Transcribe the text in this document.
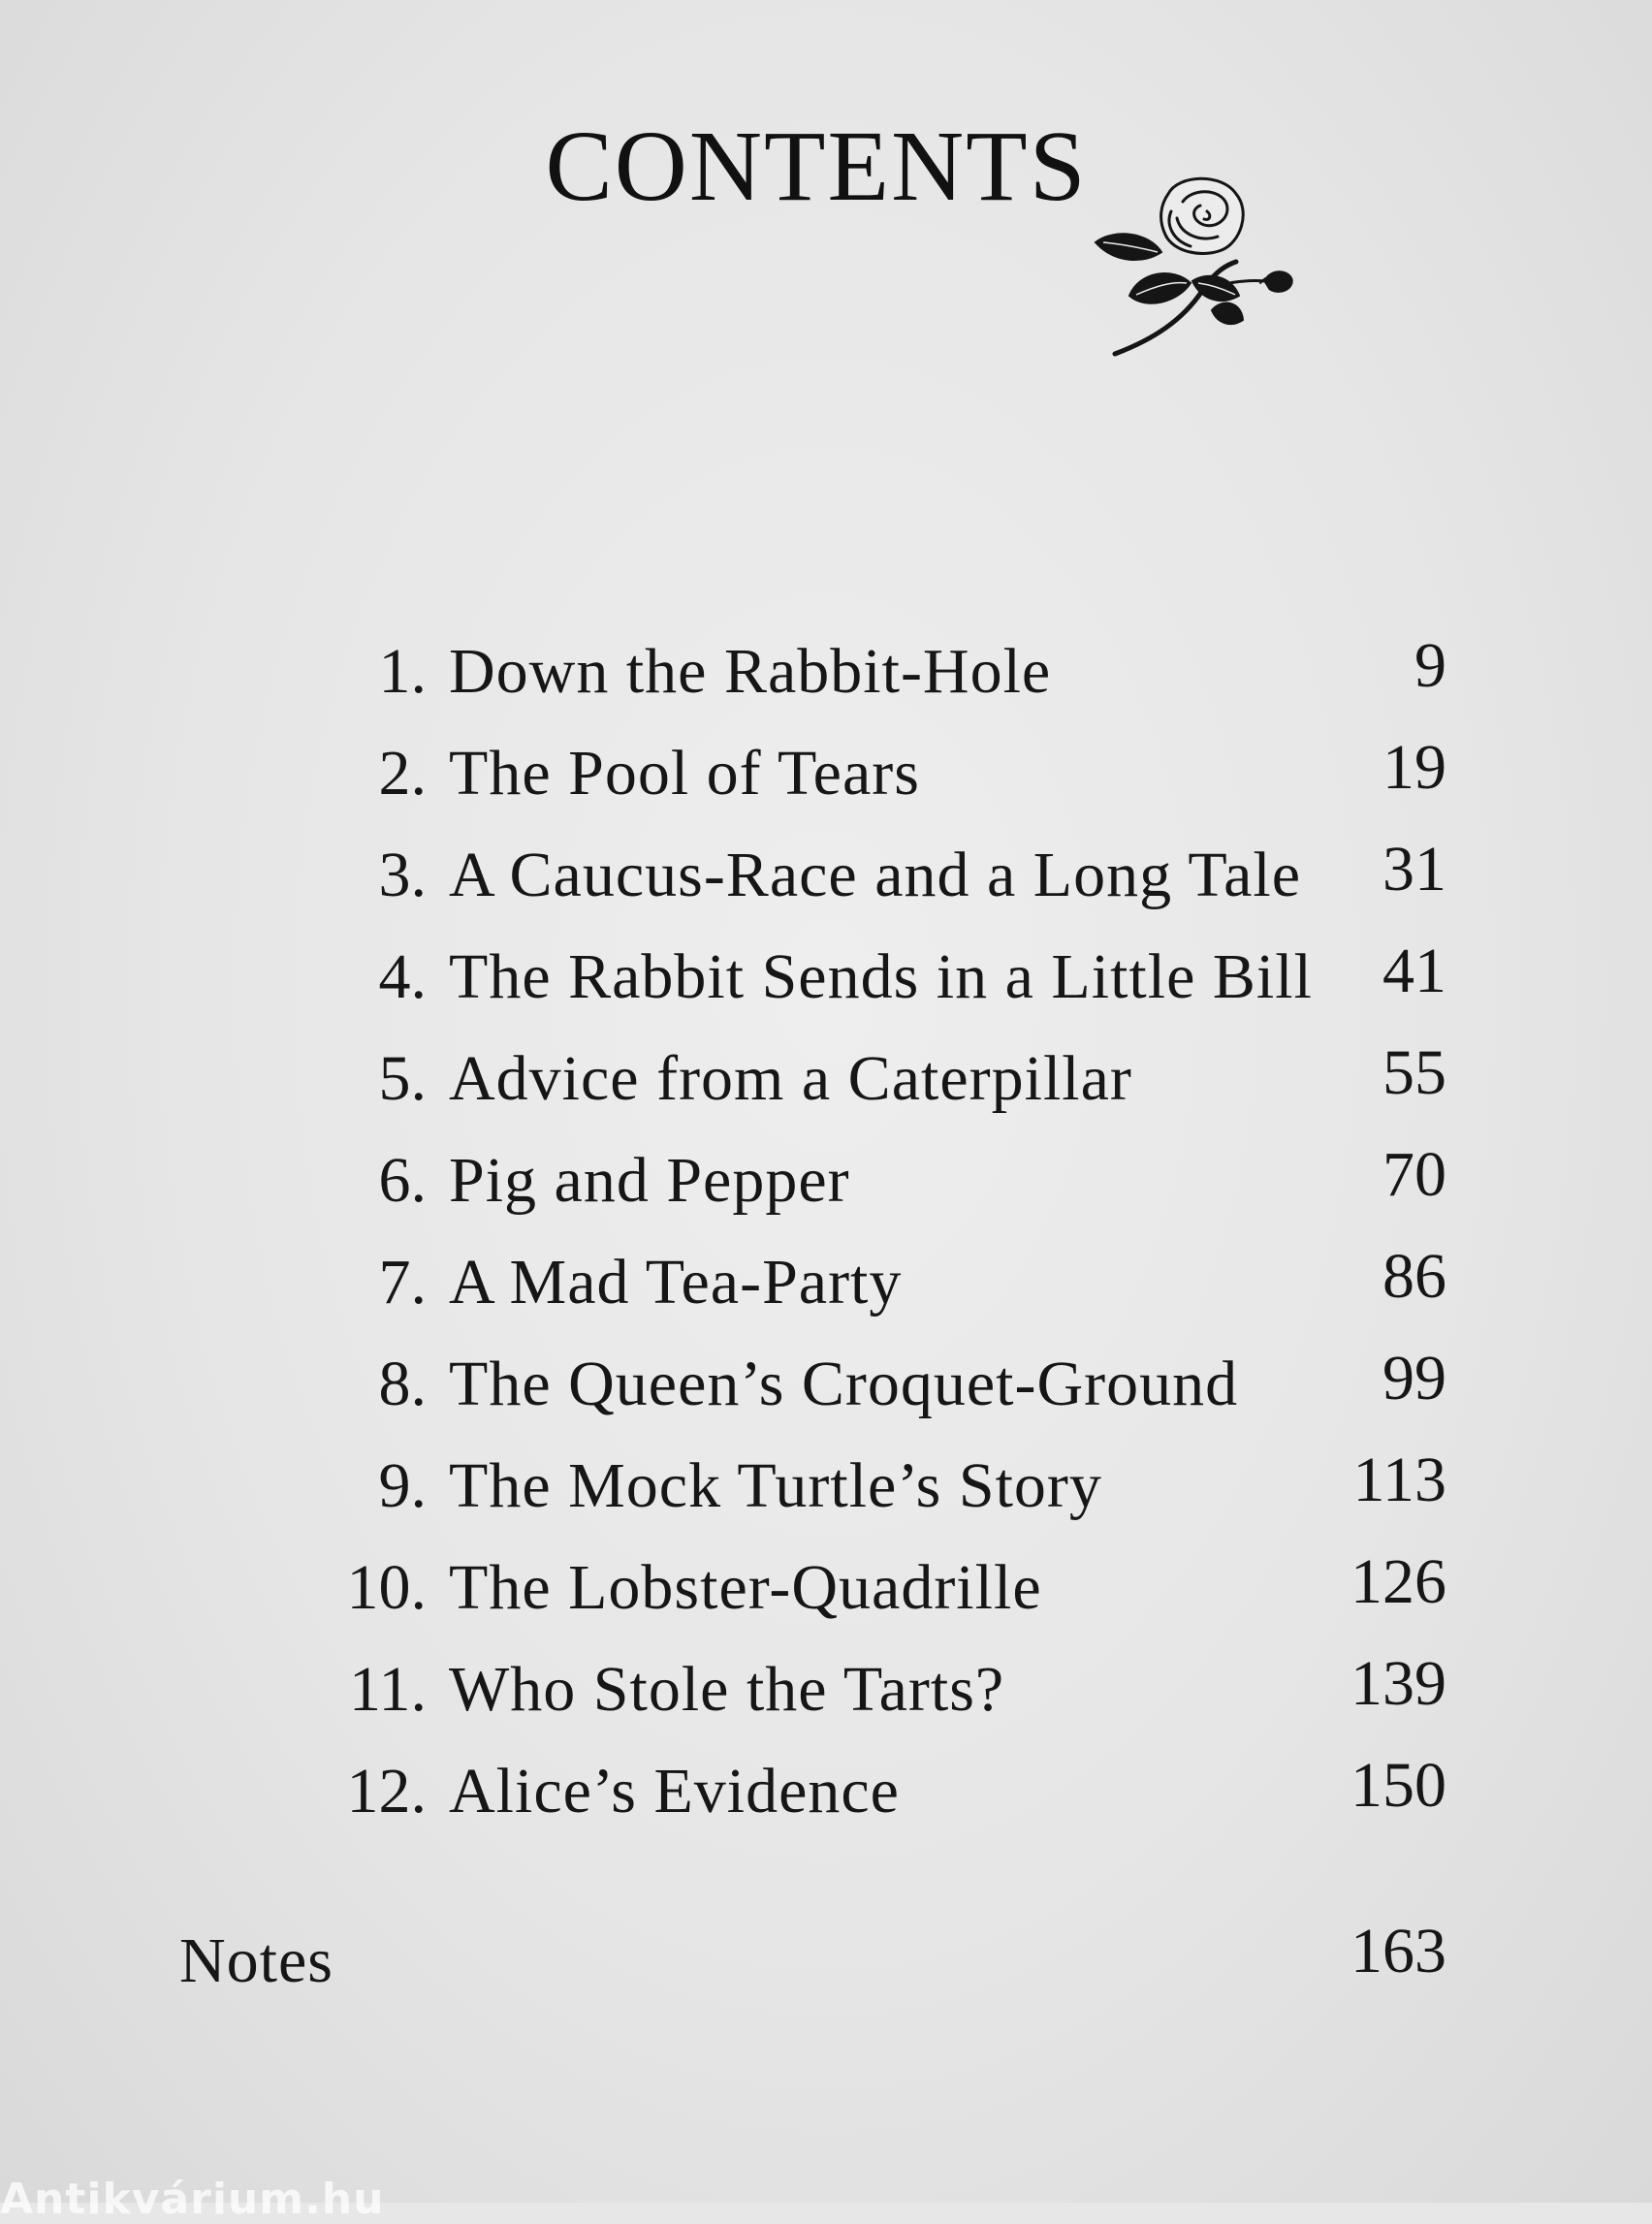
CONTENTS
1. Down the Rabbit-Hole	9
2. The Pool of Tears	19
3. A Caucus-Race and a Long Tale 31
4. The Rabbit Sends in a Little Bill 41
5. Advice from a Caterpillar	55
6. Pig and Pepper	70
7. A Mad Tea-Party	86
8. The Queen’s Croquet-Ground 99
9. The Mock Turtle’s Story	113
10. The Lobster-Quadrille	126
11. Who Stole the Tarts?	139
12. Alice’s Evidence	150
Notes	163
Antikvárium.hu
